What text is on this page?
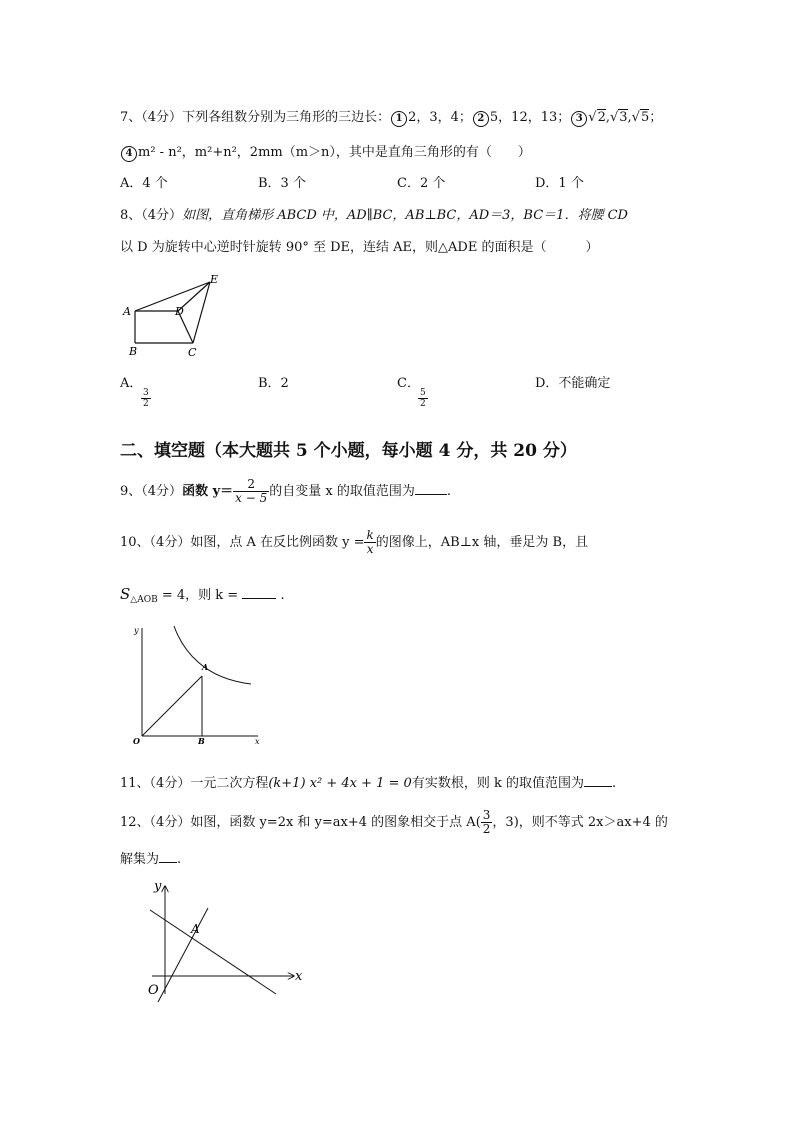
7、（4分）下列各组数分别为三角形的三边长： 1 2，3，4； 2 5，12，13； 3 √2,√3,√5；
4 m² - n²，m²+n²，2mm（m＞n），其中是直角三角形的有（　　）
A．4 个	B．3 个	C．2 个	D．1 个
8、（4分）如图，直角梯形 ABCD 中，AD∥BC，AB⊥BC，AD＝3，BC＝1．将腰 CD
以 D 为旋转中心逆时针旋转 90° 至 DE，连结 AE，则△ADE 的面积是（　　　）
A
B	C
D
E
A．
$\frac{3}{2}$
B．2	C．
$\frac{5}{2}$
D．不能确定
二、填空题（本大题共 5 个小题，每小题 4 分，共 20 分）
9、（4分）函数 $y= \frac{2}{x - 5}$ 的自变量 x 的取值范围为 .
10、（4分）如图，点 A 在反比例函数 $y = \frac{k}{x}$ 的图像上，AB⊥x 轴，垂足为 B，且
$S_{\triangle AOB} = 4$，则 k =	.
y
x
O
A
B
11、（4分）一元二次方程(k+1) x² + 4x + 1 = 0有实数根，则 k 的取值范围为 .
12、（4分）如图，函数 y=2x 和 y=ax+4 的图象相交于点 $A( \frac{3}{2}$ ，3)，则不等式 2x＞ax+4 的
解集为 .
y
x
O
A
